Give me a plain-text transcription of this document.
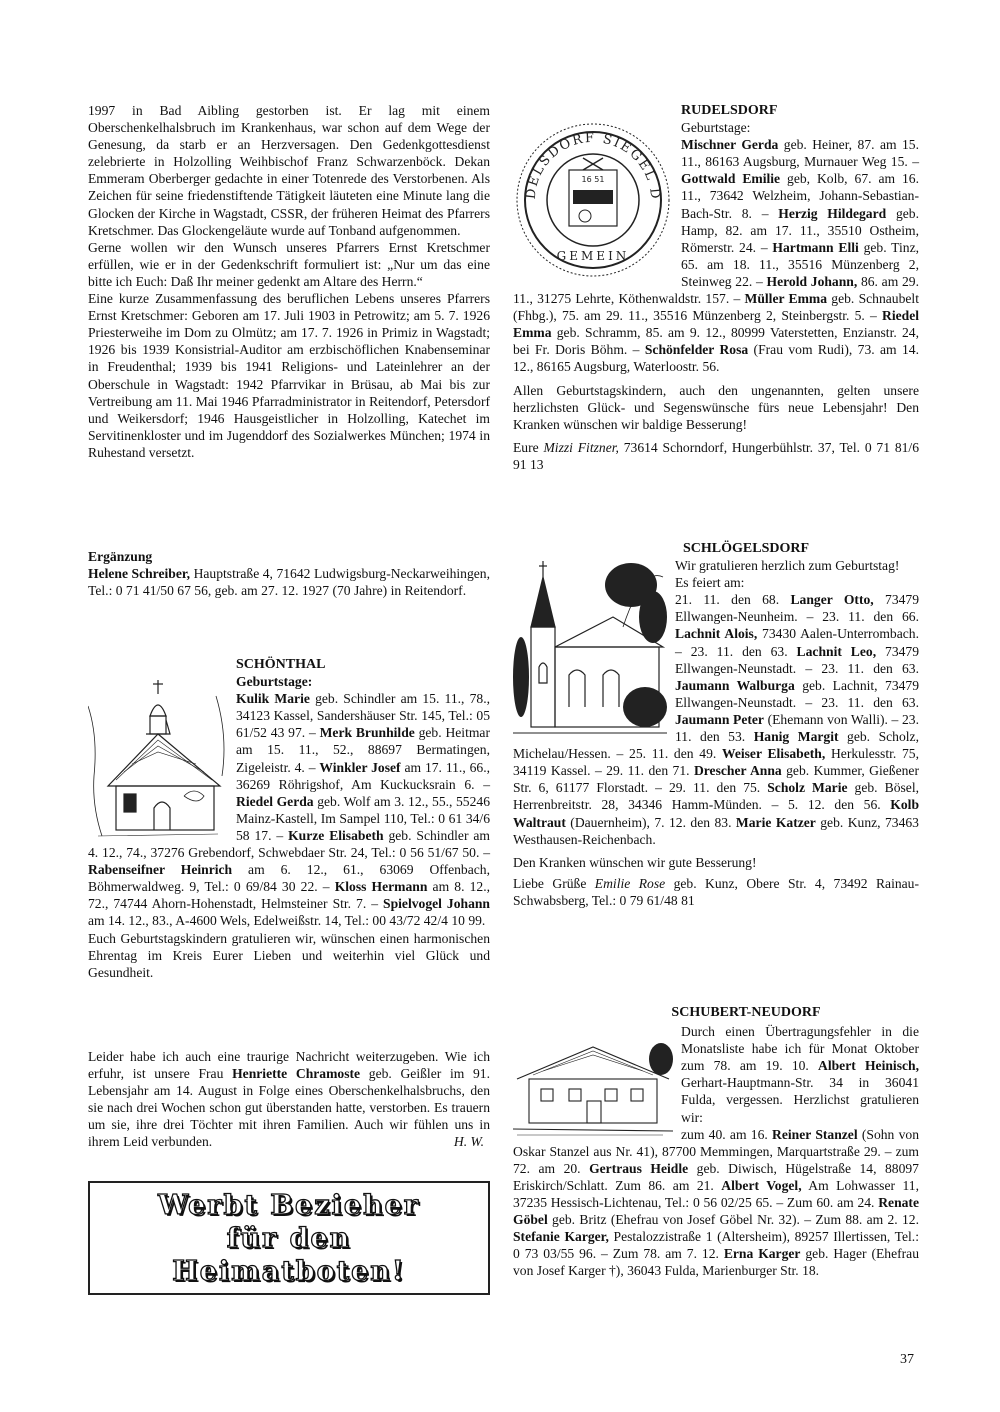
1997 in Bad Aibling gestorben ist. Er lag mit einem Oberschenkelhalsbruch im Krankenhaus, war schon auf dem Wege der Genesung, da starb er an Herzversagen. Den Gedenkgottesdienst zelebrierte in Holzolling Weihbischof Franz Schwarzenböck. Dekan Emmeram Oberberger gedachte in einer Totenrede des Verstorbenen. Als Zeichen für seine friedenstiftende Tätigkeit läuteten eine Minute lang die Glocken der Kirche in Wagstadt, CSSR, der früheren Heimat des Pfarrers Kretschmer. Das Glockengeläute wurde auf Tonband aufgenommen.

Gerne wollen wir den Wunsch unseres Pfarrers Ernst Kretschmer erfüllen, wie er in der Gedenkschrift formuliert ist: „Nur um das eine bitte ich Euch: Daß Ihr meiner gedenkt am Altare des Herrn.“

Eine kurze Zusammenfassung des beruflichen Lebens unseres Pfarrers Ernst Kretschmer: Geboren am 17. Juli 1903 in Petrowitz; am 5. 7. 1926 Priesterweihe im Dom zu Olmütz; am 17. 7. 1926 in Primiz in Wagstadt; 1926 bis 1939 Konsistrial-Auditor am erzbischöflichen Knabenseminar in Freudenthal; 1939 bis 1941 Religions- und Lateinlehrer an der Oberschule in Wagstadt: 1942 Pfarrvikar in Brüsau, ab Mai bis zur Vertreibung am 11. Mai 1946 Pfarradministrator in Reitendorf, Petersdorf und Weikersdorf; 1946 Hausgeistlicher in Holzolling, Katechet im Servitinenkloster und im Jugenddorf des Sozialwerkes München; 1974 in Ruhestand versetzt.

Ergänzung

Helene Schreiber, Hauptstraße 4, 71642 Ludwigsburg-Neckarweihingen, Tel.: 0 71 41/50 67 56, geb. am 27. 12. 1927 (70 Jahre) in Reitendorf.

SCHÖNTHAL

Geburtstage:

Kulik Marie geb. Schindler am 15. 11., 78., 34123 Kassel, Sandershäuser Str. 145, Tel.: 05 61/52 43 97. – Merk Brunhilde geb. Heitmar am 15. 11., 52., 88697 Bermatingen, Zigeleistr. 4. – Winkler Josef am 17. 11., 66., 36269 Röhrigshof, Am Kuckucksrain 6. – Riedel Gerda geb. Wolf am 3. 12., 55., 55246 Mainz-Kastell, Im Sampel 110, Tel.: 0 61 34/6 58 17. – Kurze Elisabeth geb. Schindler am 4. 12., 74., 37276 Grebendorf, Schwebdaer Str. 24, Tel.: 0 56 51/67 50. – Rabenseifner Heinrich am 6. 12., 61., 63069 Offenbach, Böhmerwaldweg. 9, Tel.: 0 69/84 30 22. – Kloss Hermann am 8. 12., 72., 74744 Ahorn-Hohenstadt, Helmsteiner Str. 7. – Spielvogel Johann am 14. 12., 83., A-4600 Wels, Edelweißstr. 14, Tel.: 00 43/72 42/4 10 99.

Euch Geburtstagskindern gratulieren wir, wünschen einen harmonischen Ehrentag im Kreis Eurer Lieben und weiterhin viel Glück und Gesundheit.

Leider habe ich auch eine traurige Nachricht weiterzugeben. Wie ich erfuhr, ist unsere Frau Henriette Chramoste geb. Geißler im 91. Lebensjahr am 14. August in Folge eines Oberschenkelhalsbruchs, den sie nach drei Wochen schon gut überstanden hatte, verstorben. Es trauern um sie, ihre drei Töchter mit ihren Familien. Auch wir fühlen uns in ihrem Leid verbunden.	H. W.

Werbt Bezieher
für den
Heimatboten!
DELSDORF SIEGEL D
GEMEIN
16 51

RUDELSDORF

Geburtstage:

Mischner Gerda geb. Heiner, 87. am 15. 11., 86163 Augsburg, Murnauer Weg 15. – Gottwald Emilie geb, Kolb, 67. am 16. 11., 73642 Welzheim, Johann-Sebastian-Bach-Str. 8. – Herzig Hildegard geb. Hamp, 82. am 17. 11., 35510 Ostheim, Römerstr. 24. – Hartmann Elli geb. Tinz, 65. am 18. 11., 35516 Münzenberg 2, Steinweg 22. – Herold Johann, 86. am 29. 11., 31275 Lehrte, Köthenwaldstr. 157. – Müller Emma geb. Schnaubelt (Fhbg.), 75. am 29. 11., 35516 Münzenberg 2, Steinbergstr. 5. – Riedel Emma geb. Schramm, 85. am 9. 12., 80999 Vaterstetten, Enzianstr. 24, bei Fr. Doris Böhm. – Schönfelder Rosa (Frau vom Rudi), 73. am 14. 12., 86165 Augsburg, Waterloostr. 56.

Allen Geburtstagskindern, auch den ungenannten, gelten unsere herzlichsten Glück- und Segenswünsche fürs neue Lebensjahr! Den Kranken wünschen wir baldige Besserung!

Eure Mizzi Fitzner, 73614 Schorndorf, Hungerbühlstr. 37, Tel. 0 71 81/6 91 13

SCHLÖGELSDORF

Wir gratulieren herzlich zum Geburtstag!

Es feiert am:

21. 11. den 68. Langer Otto, 73479 Ellwangen-Neunheim. – 23. 11. den 66. Lachnit Alois, 73430 Aalen-Unterrombach. – 23. 11. den 63. Lachnit Leo, 73479 Ellwangen-Neunstadt. – 23. 11. den 63. Jaumann Walburga geb. Lachnit, 73479 Ellwangen-Neunstadt. – 23. 11. den 63. Jaumann Peter (Ehemann von Walli). – 23. 11. den 53. Hanig Margit geb. Scholz, Michelau/Hessen. – 25. 11. den 49. Weiser Elisabeth, Herkulesstr. 75, 34119 Kassel. – 29. 11. den 71. Drescher Anna geb. Kummer, Gießener Str. 6, 61177 Florstadt. – 29. 11. den 75. Scholz Marie geb. Bösel, Herrenbreitstr. 28, 34346 Hamm-Münden. – 5. 12. den 56. Kolb Waltraut (Dauernheim), 7. 12. den 83. Marie Katzer geb. Kunz, 73463 Westhausen-Reichenbach.

Den Kranken wünschen wir gute Besserung!

Liebe Grüße Emilie Rose geb. Kunz, Obere Str. 4, 73492 Rainau-Schwabsberg, Tel.: 0 79 61/48 81

SCHUBERT-NEUDORF

Durch einen Übertragungsfehler in die Monatsliste habe ich für Monat Oktober zum 78. am 19. 10. Albert Heinisch, Gerhart-Hauptmann-Str. 34 in 36041 Fulda, vergessen. Herzlichst gratulieren wir:

zum 40. am 16. Reiner Stanzel (Sohn von Oskar Stanzel aus Nr. 41), 87700 Memmingen, Marquartstraße 29. – zum 72. am 20. Gertraus Heidle geb. Diwisch, Hügelstraße 14, 88097 Eriskirch/Schlatt. Zum 86. am 21. Albert Vogel, Am Lohwasser 11, 37235 Hessisch-Lichtenau, Tel.: 0 56 02/25 65. – Zum 60. am 24. Renate Göbel geb. Britz (Ehefrau von Josef Göbel Nr. 32). – Zum 88. am 2. 12. Stefanie Karger, Pestalozzistraße 1 (Altersheim), 89257 Illertissen, Tel.: 0 73 03/55 96. – Zum 78. am 7. 12. Erna Karger geb. Hager (Ehefrau von Josef Karger †), 36043 Fulda, Marienburger Str. 18.

37
